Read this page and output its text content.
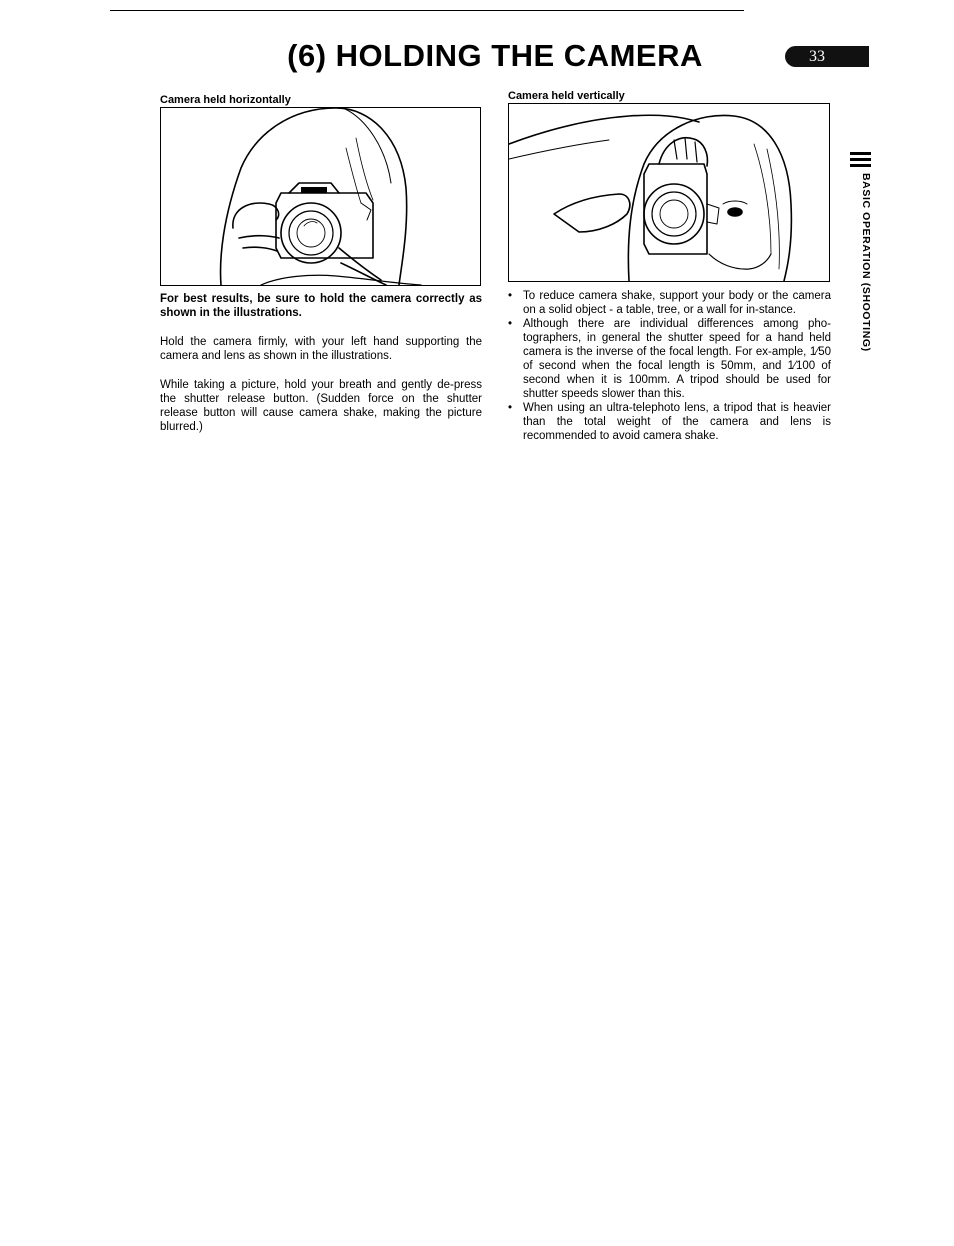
(6) HOLDING THE CAMERA	33
Camera held horizontally	Camera held vertically

For best results, be sure to hold the camera correctly as shown in the illustrations.

Hold the camera firmly, with your left hand supporting the camera and lens as shown in the illustrations.

While taking a picture, hold your breath and gently de-press the shutter release button. (Sudden force on the shutter release button will cause camera shake, making the picture blurred.)

• To reduce camera shake, support your body or the camera on a solid object - a table, tree, or a wall for in-stance.
• Although there are individual differences among pho-tographers, in general the shutter speed for a hand held camera is the inverse of the focal length. For ex-ample, 1⁄50 of second when the focal length is 50mm, and 1⁄100 of second when it is 100mm. A tripod should be used for shutter speeds slower than this.
• When using an ultra-telephoto lens, a tripod that is heavier than the total weight of the camera and lens is recommended to avoid camera shake.
BASIC OPERATION (SHOOTING)
